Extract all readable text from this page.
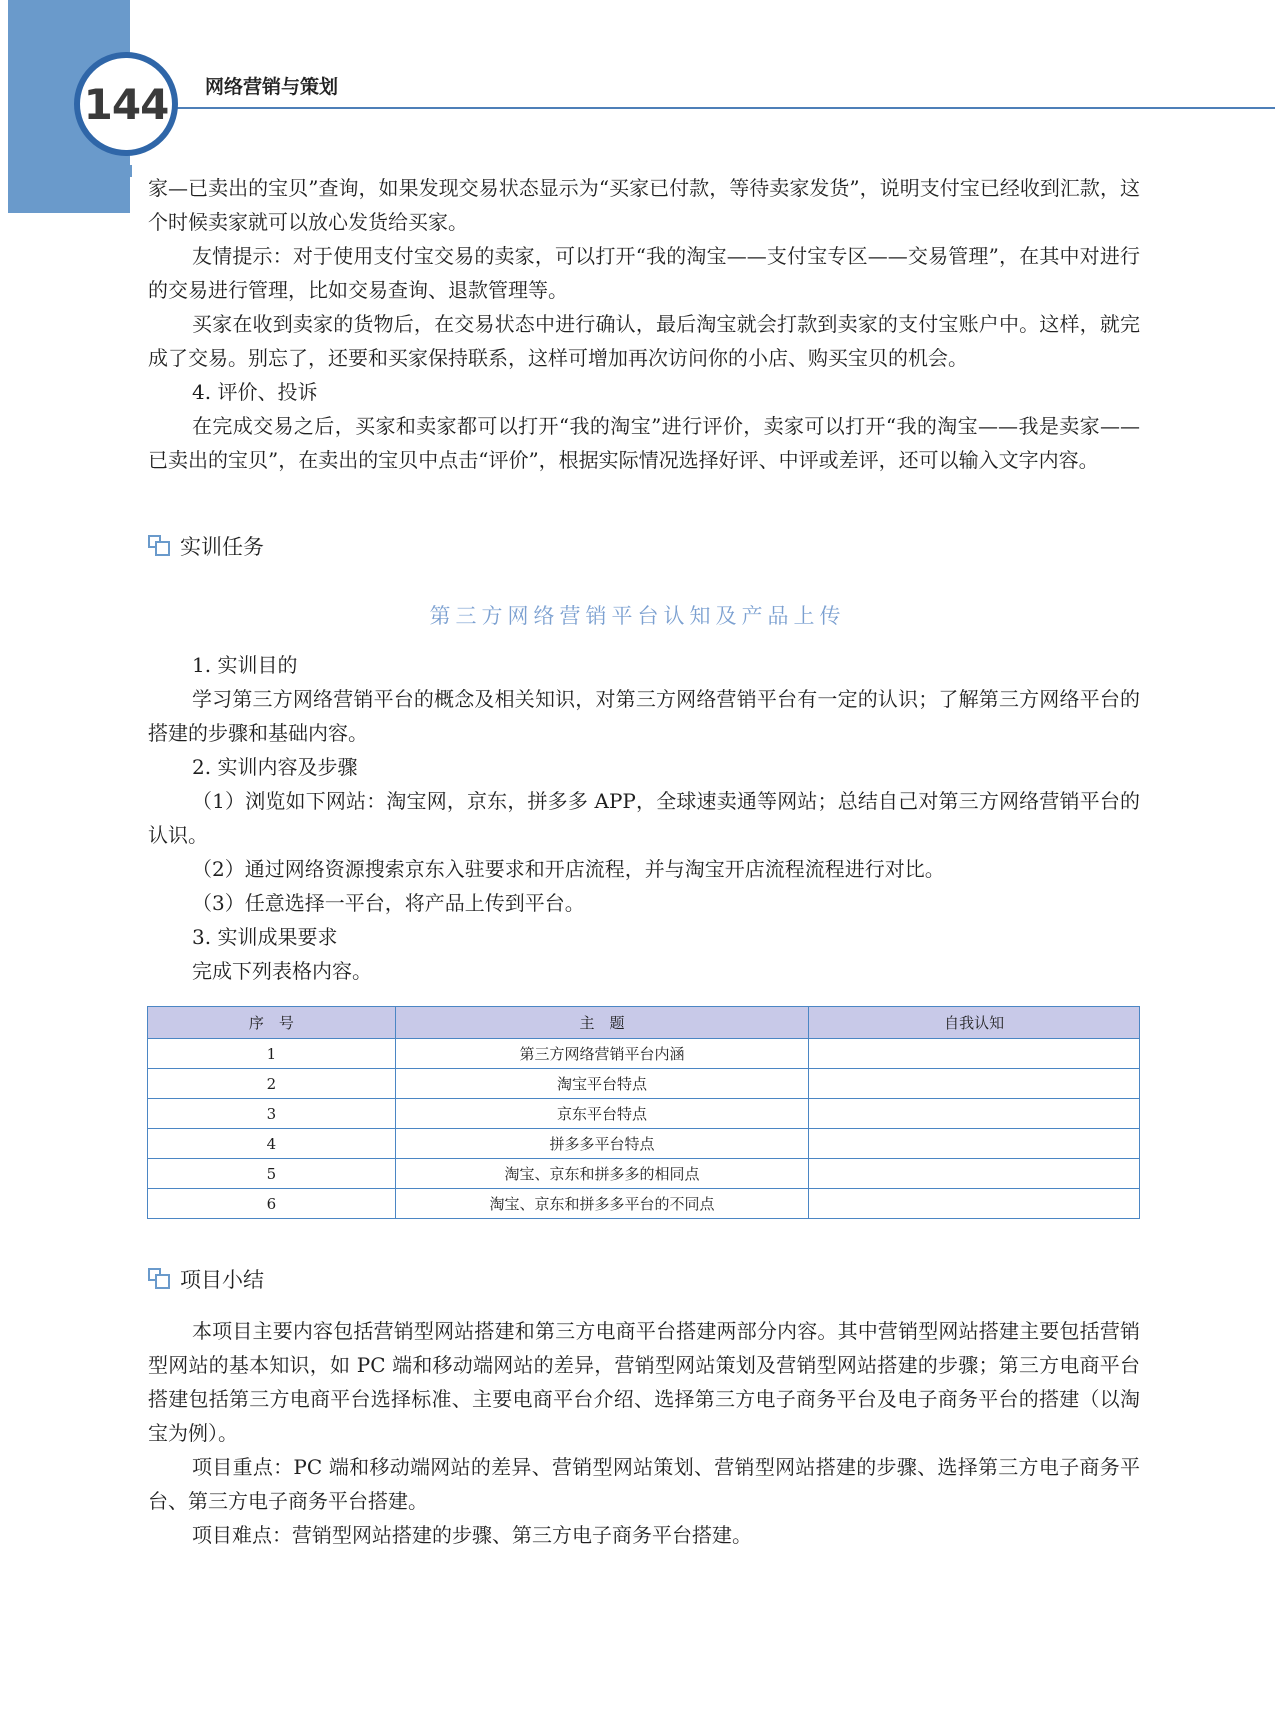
144 网络营销与策划

家—已卖出的宝贝”查询，如果发现交易状态显示为“买家已付款，等待卖家发货”，说明支付宝已经收到汇款，这个时候卖家就可以放心发货给买家。

友情提示：对于使用支付宝交易的卖家，可以打开“我的淘宝——支付宝专区——交易管理”，在其中对进行的交易进行管理，比如交易查询、退款管理等。

买家在收到卖家的货物后，在交易状态中进行确认，最后淘宝就会打款到卖家的支付宝账户中。这样，就完成了交易。别忘了，还要和买家保持联系，这样可增加再次访问你的小店、购买宝贝的机会。

4. 评价、投诉

在完成交易之后，买家和卖家都可以打开“我的淘宝”进行评价，卖家可以打开“我的淘宝——我是卖家——已卖出的宝贝”，在卖出的宝贝中点击“评价”，根据实际情况选择好评、中评或差评，还可以输入文字内容。

实训任务
第三方网络营销平台认知及产品上传

1. 实训目的

学习第三方网络营销平台的概念及相关知识，对第三方网络营销平台有一定的认识；了解第三方网络平台的搭建的步骤和基础内容。

2. 实训内容及步骤

（1）浏览如下网站：淘宝网，京东，拼多多 APP，全球速卖通等网站；总结自己对第三方网络营销平台的认识。

（2）通过网络资源搜索京东入驻要求和开店流程，并与淘宝开店流程流程进行对比。

（3）任意选择一平台，将产品上传到平台。

3. 实训成果要求

完成下列表格内容。

序　号	主　题	自我认知
1	第三方网络营销平台内涵	
2	淘宝平台特点	
3	京东平台特点	
4	拼多多平台特点	
5	淘宝、京东和拼多多的相同点	
6	淘宝、京东和拼多多平台的不同点	
项目小结

本项目主要内容包括营销型网站搭建和第三方电商平台搭建两部分内容。其中营销型网站搭建主要包括营销型网站的基本知识，如 PC 端和移动端网站的差异，营销型网站策划及营销型网站搭建的步骤；第三方电商平台搭建包括第三方电商平台选择标准、主要电商平台介绍、选择第三方电子商务平台及电子商务平台的搭建（以淘宝为例）。

项目重点：PC 端和移动端网站的差异、营销型网站策划、营销型网站搭建的步骤、选择第三方电子商务平台、第三方电子商务平台搭建。

项目难点：营销型网站搭建的步骤、第三方电子商务平台搭建。
